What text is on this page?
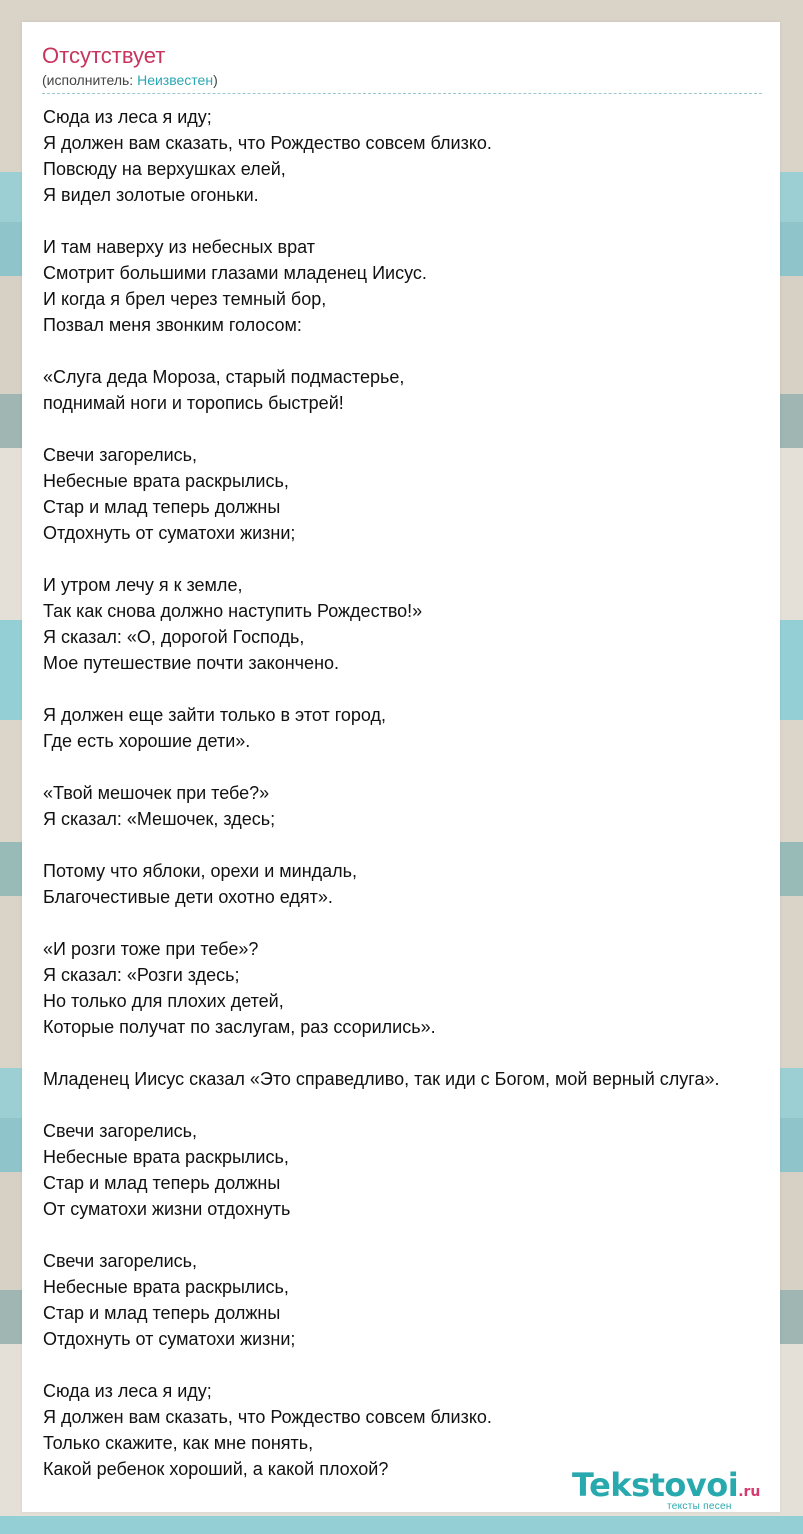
Отсутствует
(исполнитель: Неизвестен)
Сюда из леса я иду;
Я должен вам сказать, что Рождество совсем близко.
Повсюду на верхушках елей,
Я видел золотые огоньки.
И там наверху из небесных врат
Смотрит большими глазами младенец Иисус.
И когда я брел через темный бор,
Позвал меня звонким голосом:
«Слуга деда Мороза, старый подмастерье,
поднимай ноги и торопись быстрей!
Свечи загорелись,
Небесные врата раскрылись,
Стар и млад теперь должны
Отдохнуть от суматохи жизни;
И утром лечу я к земле,
Так как снова должно наступить Рождество!»
Я сказал: «О, дорогой Господь,
Мое путешествие почти закончено.
Я должен еще зайти только в этот город,
Где есть хорошие дети».
«Твой мешочек при тебе?»
Я сказал: «Мешочек, здесь;
Потому что яблоки, орехи и миндаль,
Благочестивые дети охотно едят».
«И розги тоже при тебе»?
Я сказал: «Розги здесь;
Но только для плохих детей,
Которые получат по заслугам, раз ссорились».
Младенец Иисус сказал «Это справедливо, так иди с Богом, мой верный слуга».
Свечи загорелись,
Небесные врата раскрылись,
Стар и млад теперь должны
От суматохи жизни отдохнуть
Свечи загорелись,
Небесные врата раскрылись,
Стар и млад теперь должны
Отдохнуть от суматохи жизни;
Сюда из леса я иду;
Я должен вам сказать, что Рождество совсем близко.
Только скажите, как мне понять,
Какой ребенок хороший, а какой плохой?	Tekstovoi.ru
тексты песен
